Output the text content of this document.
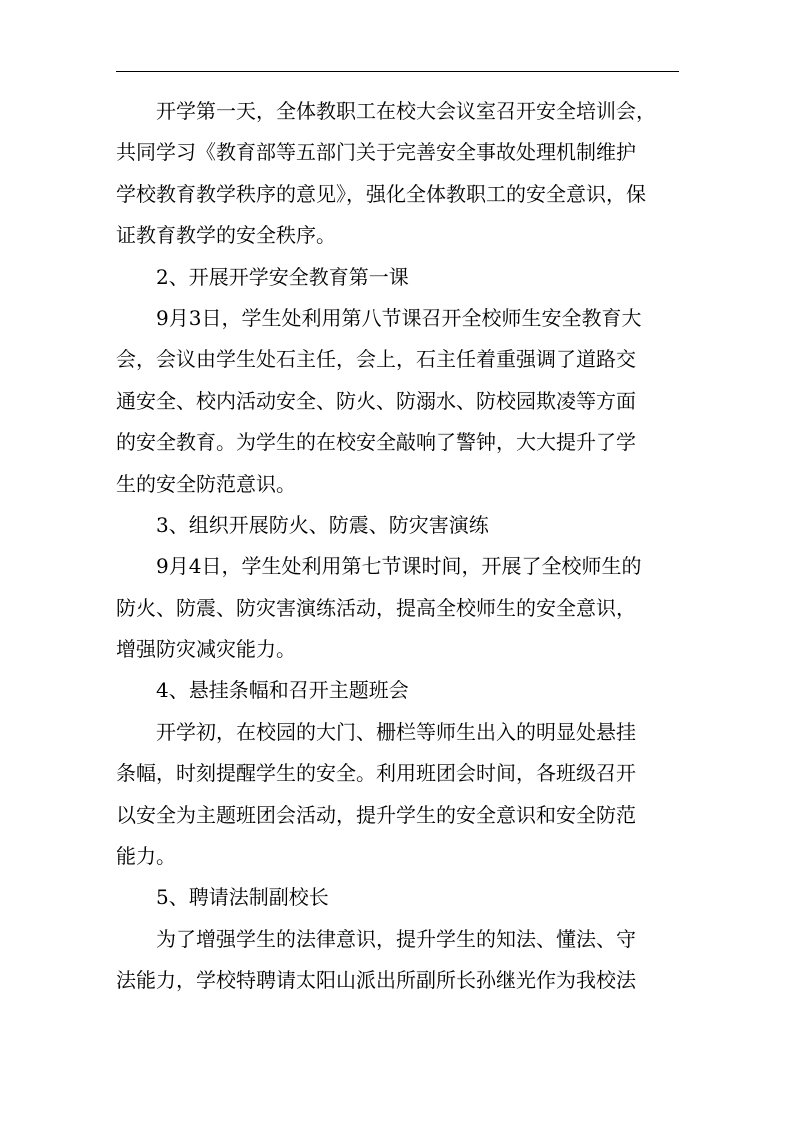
开学第一天，全体教职工在校大会议室召开安全培训会，
共同学习《教育部等五部门关于完善安全事故处理机制维护
学校教育教学秩序的意见》，强化全体教职工的安全意识，保
证教育教学的安全秩序。
2、开展开学安全教育第一课
9月3日，学生处利用第八节课召开全校师生安全教育大
会，会议由学生处石主任，会上，石主任着重强调了道路交
通安全、校内活动安全、防火、防溺水、防校园欺凌等方面
的安全教育。为学生的在校安全敲响了警钟，大大提升了学
生的安全防范意识。
3、组织开展防火、防震、防灾害演练
9月4日，学生处利用第七节课时间，开展了全校师生的
防火、防震、防灾害演练活动，提高全校师生的安全意识，
增强防灾减灾能力。
4、悬挂条幅和召开主题班会
开学初，在校园的大门、栅栏等师生出入的明显处悬挂
条幅，时刻提醒学生的安全。利用班团会时间，各班级召开
以安全为主题班团会活动，提升学生的安全意识和安全防范
能力。
5、聘请法制副校长
为了增强学生的法律意识，提升学生的知法、懂法、守
法能力，学校特聘请太阳山派出所副所长孙继光作为我校法
